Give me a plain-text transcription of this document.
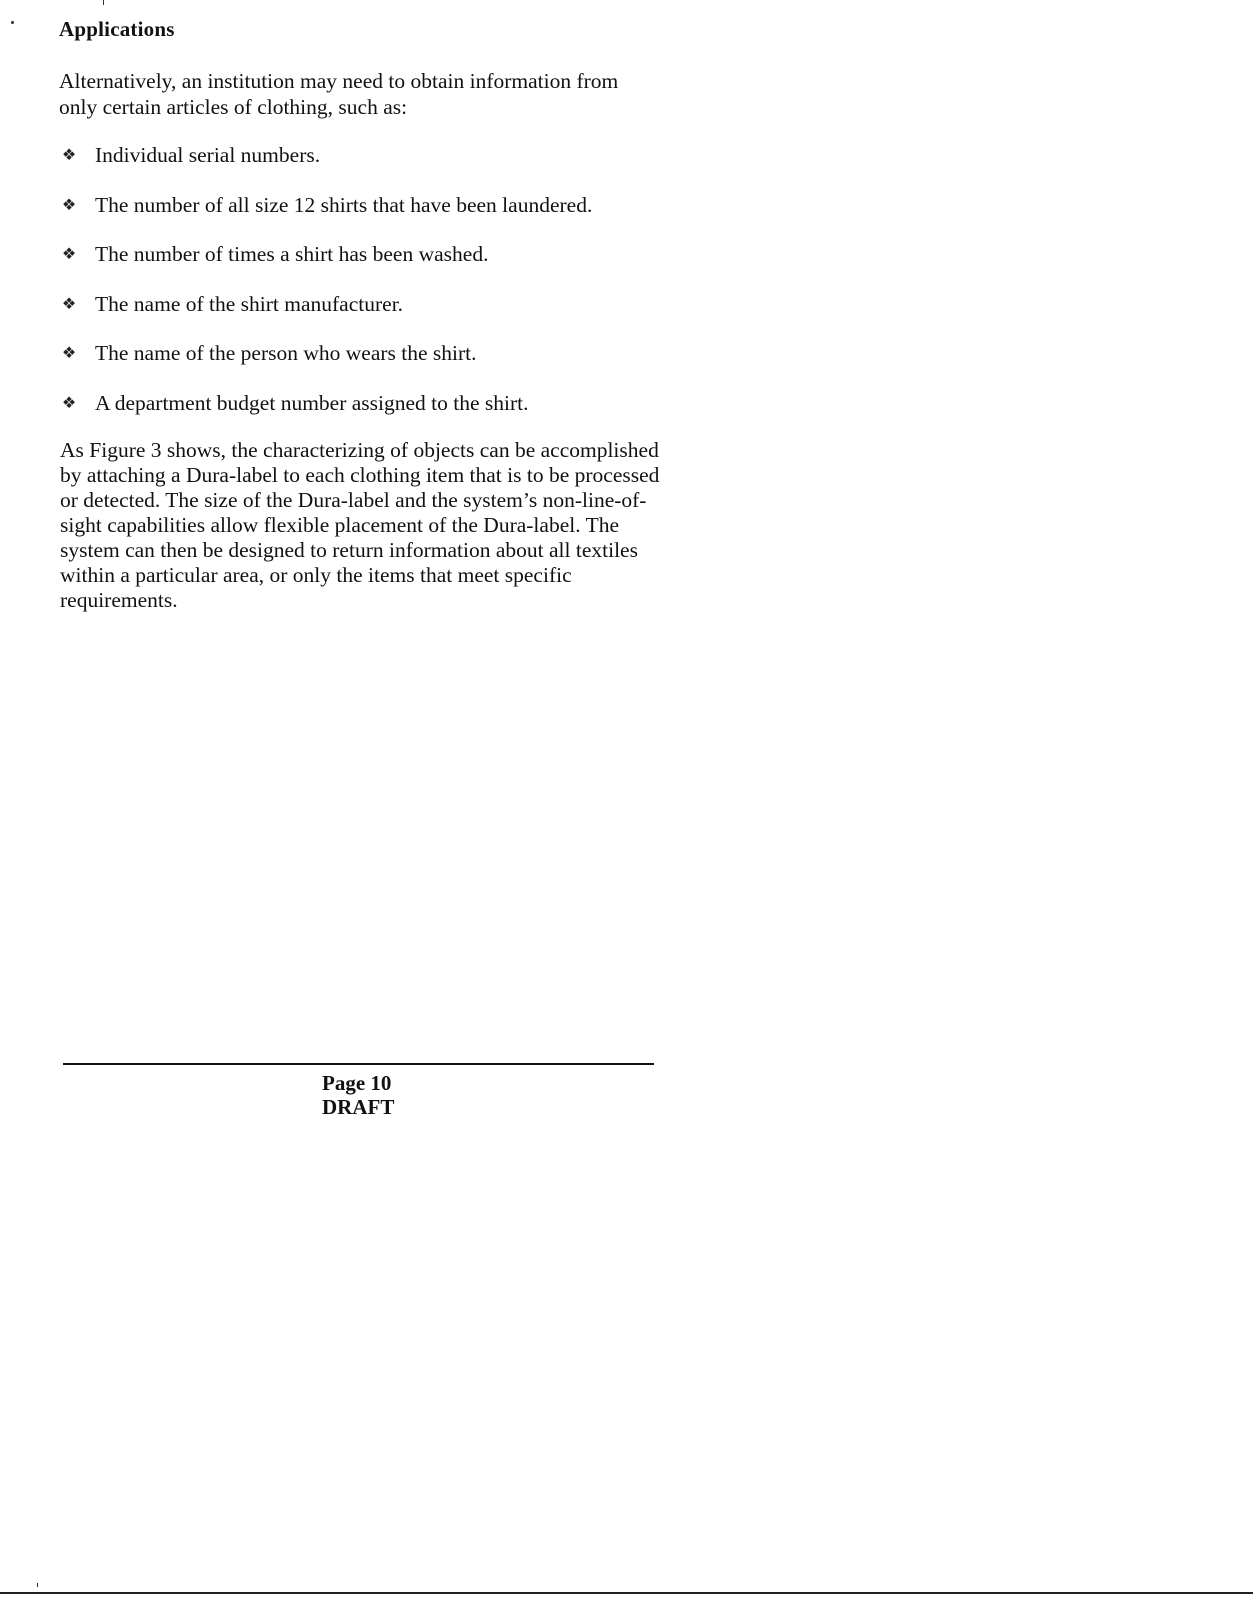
Applications
Alternatively, an institution may need to obtain information from only certain articles of clothing, such as:
❖ Individual serial numbers.
❖ The number of all size 12 shirts that have been laundered.
❖ The number of times a shirt has been washed.
❖ The name of the shirt manufacturer.
❖ The name of the person who wears the shirt.
❖ A department budget number assigned to the shirt.
As Figure 3 shows, the characterizing of objects can be accomplished by attaching a Dura-label to each clothing item that is to be processed or detected. The size of the Dura-label and the system’s non-line-of-sight capabilities allow flexible placement of the Dura-label. The system can then be designed to return information about all textiles within a particular area, or only the items that meet specific requirements.
Page 10
DRAFT
